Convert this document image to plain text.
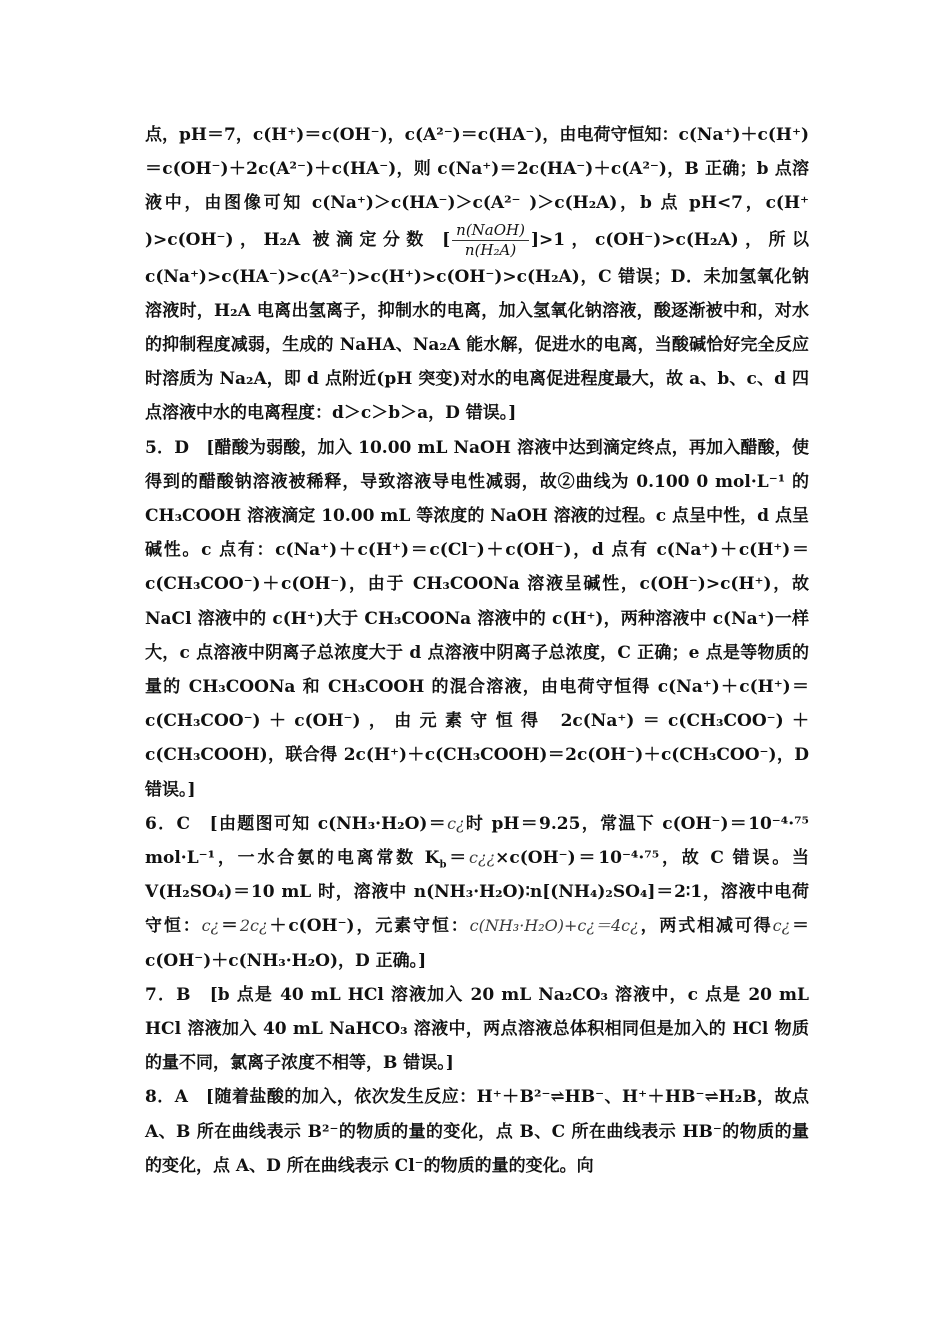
点，pH＝7，c(H⁺)＝c(OH⁻)，c(A²⁻)＝c(HA⁻)，由电荷守恒知：c(Na⁺)＋c(H⁺)＝c(OH⁻)＋2c(A²⁻)＋c(HA⁻)，则 c(Na⁺)＝2c(HA⁻)＋c(A²⁻)，B 正确；b 点溶液中，由图像可知 c(Na⁺)＞c(HA⁻)＞c(A²⁻ )＞c(H₂A)，b 点 pH<7，c(H⁺ )>c(OH⁻)，H₂A 被滴定分数 [ $\frac{\text{n(NaOH)}}{\text{n(H₂A)}} ]>1$，c(OH⁻)>c(H₂A)，所以 c(Na⁺)>c(HA⁻)>c(A²⁻)>c(H⁺)>c(OH⁻)>c(H₂A)，C 错误；D．未加氢氧化钠溶液时，H₂A 电离出氢离子，抑制水的电离，加入氢氧化钠溶液，酸逐渐被中和，对水的抑制程度减弱，生成的 NaHA、Na₂A 能水解，促进水的电离，当酸碱恰好完全反应时溶质为 Na₂A，即 d 点附近(pH 突变)对水的电离促进程度最大，故 a、b、c、d 四点溶液中水的电离程度：d＞c＞b＞a，D 错误。]

5．D　[醋酸为弱酸，加入 10.00 mL NaOH 溶液中达到滴定终点，再加入醋酸，使得到的醋酸钠溶液被稀释，导致溶液导电性减弱，故②曲线为 0.100 0 mol·L⁻¹ 的 CH₃COOH 溶液滴定 10.00 mL 等浓度的 NaOH 溶液的过程。c 点呈中性，d 点呈碱性。c 点有：c(Na⁺)＋c(H⁺)＝c(Cl⁻)＋c(OH⁻)，d 点有 c(Na⁺)＋c(H⁺)＝c(CH₃COO⁻)＋c(OH⁻)，由于 CH₃COONa 溶液呈碱性，c(OH⁻)>c(H⁺)，故 NaCl 溶液中的 c(H⁺)大于 CH₃COONa 溶液中的 c(H⁺)，两种溶液中 c(Na⁺)一样大，c 点溶液中阴离子总浓度大于 d 点溶液中阴离子总浓度，C 正确；e 点是等物质的量的 CH₃COONa 和 CH₃COOH 的混合溶液，由电荷守恒得 c(Na⁺)＋c(H⁺)＝c(CH₃COO⁻)＋c(OH⁻)，由元素守恒得 2c(Na⁺)＝c(CH₃COO⁻)＋c(CH₃COOH)，联合得 2c(H⁺)＋c(CH₃COOH)＝2c(OH⁻)＋c(CH₃COO⁻)，D 错误。]

6．C　[由题图可知 c(NH₃·H₂O)＝c¿时 pH＝9.25，常温下 c(OH⁻)＝10⁻⁴·⁷⁵ mol·L⁻¹，一水合氨的电离常数 $K_b=c¿¿\times c(OH^-)=10^{-4}\cdot^{75}$，故 C 错误。当 V(H₂SO₄)＝10 mL 时，溶液中 n(NH₃·H₂O)∶n[(NH₄)₂SO₄]＝2∶1，溶液中电荷守恒：c¿＝2c¿＋c(OH⁻)，元素守恒：c(NH₃·H₂O)+c¿＝4c¿，两式相减可得c¿＝c(OH⁻)＋c(NH₃·H₂O)，D 正确。]

7．B　[b 点是 40 mL HCl 溶液加入 20 mL Na₂CO₃ 溶液中，c 点是 20 mL HCl 溶液加入 40 mL NaHCO₃ 溶液中，两点溶液总体积相同但是加入的 HCl 物质的量不同，氯离子浓度不相等，B 错误。]

8．A　[随着盐酸的加入，依次发生反应：H⁺＋B²⁻⇌HB⁻、H⁺＋HB⁻⇌H₂B，故点 A、B 所在曲线表示 B²⁻的物质的量的变化，点 B、C 所在曲线表示 HB⁻的物质的量的变化，点 A、D 所在曲线表示 Cl⁻的物质的量的变化。向
